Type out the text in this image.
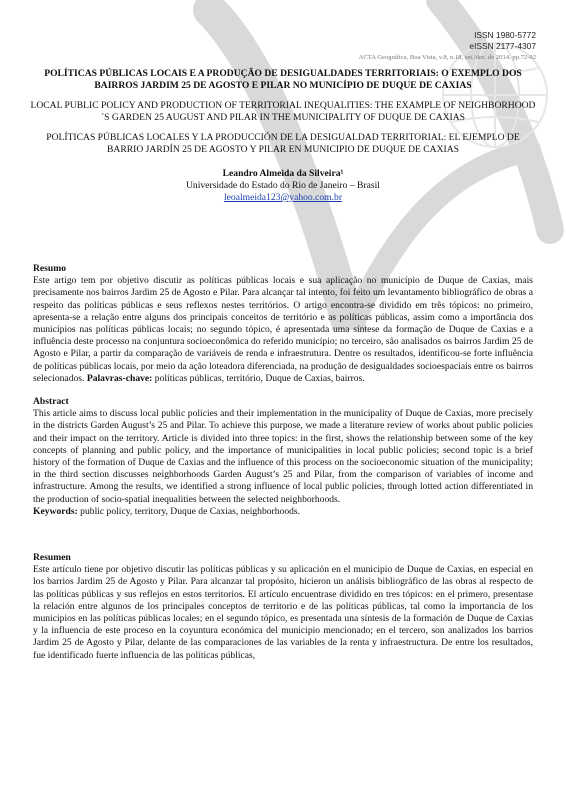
ISSN 1980-5772
eISSN 2177-4307
ACTA Geográfica, Boa Vista, v.8, n.18, set./dez. de 2014. pp.72-92

POLÍTICAS PÚBLICAS LOCAIS E A PRODUÇÃO DE DESIGUALDADES TERRITORIAIS: O EXEMPLO DOS BAIRROS JARDIM 25 DE AGOSTO E PILAR NO MUNICÍPIO DE DUQUE DE CAXIAS

LOCAL PUBLIC POLICY AND PRODUCTION OF TERRITORIAL INEQUALITIES: THE EXAMPLE OF NEIGHBORHOOD´S GARDEN 25 AUGUST AND PILAR IN THE MUNICIPALITY OF DUQUE DE CAXIAS

POLÍTICAS PÚBLICAS LOCALES Y LA PRODUCCIÓN DE LA DESIGUALDAD TERRITORIAL: EL EJEMPLO DE BARRIO JARDÍN 25 DE AGOSTO Y PILAR EN MUNICIPIO DE DUQUE DE CAXIAS

Leandro Almeida da Silveira¹
Universidade do Estado do Rio de Janeiro – Brasil
leoalmeida123@yahoo.com.br

Resumo

Este artigo tem por objetivo discutir as políticas públicas locais e sua aplicação no município de Duque de Caxias, mais precisamente nos bairros Jardim 25 de Agosto e Pilar. Para alcançar tal intento, foi feito um levantamento bibliográfico de obras a respeito das políticas públicas e seus reflexos nestes territórios. O artigo encontra-se dividido em três tópicos: no primeiro, apresenta-se a relação entre alguns dos principais conceitos de território e as políticas públicas, assim como a importância dos municípios nas políticas públicas locais; no segundo tópico, é apresentada uma síntese da formação de Duque de Caxias e a influência deste processo na conjuntura socioeconômica do referido município; no terceiro, são analisados os bairros Jardim 25 de Agosto e Pilar, a partir da comparação de variáveis de renda e infraestrutura. Dentre os resultados, identificou-se forte influência de políticas públicas locais, por meio da ação loteadora diferenciada, na produção de desigualdades socioespaciais entre os bairros selecionados. Palavras-chave: políticas públicas, território, Duque de Caxias, bairros.

Abstract

This article aims to discuss local public policies and their implementation in the municipality of Duque de Caxias, more precisely in the districts Garden August’s 25 and Pilar. To achieve this purpose, we made a literature review of works about public policies and their impact on the territory. Article is divided into three topics: in the first, shows the relationship between some of the key concepts of planning and public policy, and the importance of municipalities in local public policies; second topic is a brief history of the formation of Duque de Caxias and the influence of this process on the socioeconomic situation of the municipality; in the third section discusses neighborhoods Garden August’s 25 and Pilar, from the comparison of variables of income and infrastructure. Among the results, we identified a strong influence of local public policies, through lotted action differentiated in the production of socio-spatial inequalities between the selected neighborhoods.

Keywords: public policy, territory, Duque de Caxias, neighborhoods.

Resumen

Este artículo tiene por objetivo discutir las políticas públicas y su aplicación en el municipio de Duque de Caxias, en especial en los barrios Jardim 25 de Agosto y Pilar. Para alcanzar tal propósito, hicieron un análisis bibliográfico de las obras al respecto de las políticas públicas y sus reflejos en estos territorios. El artículo encuentrase dividido en tres tópicos: en el primero, presentase la relación entre algunos de los principales conceptos de territorio e de las políticas públicas, tal como la importancia de los municipios en las políticas públicas locales; en el segundo tópico, es presentada una síntesis de la formación de Duque de Caxias y la influencia de este proceso en la coyuntura económica del municipio mencionado; en el tercero, son analizados los barrios Jardim 25 de Agosto y Pilar, delante de las comparaciones de las variables de la renta y infraestructura. De entre los resultados, fue identificado fuerte influencia de las políticas públicas,
